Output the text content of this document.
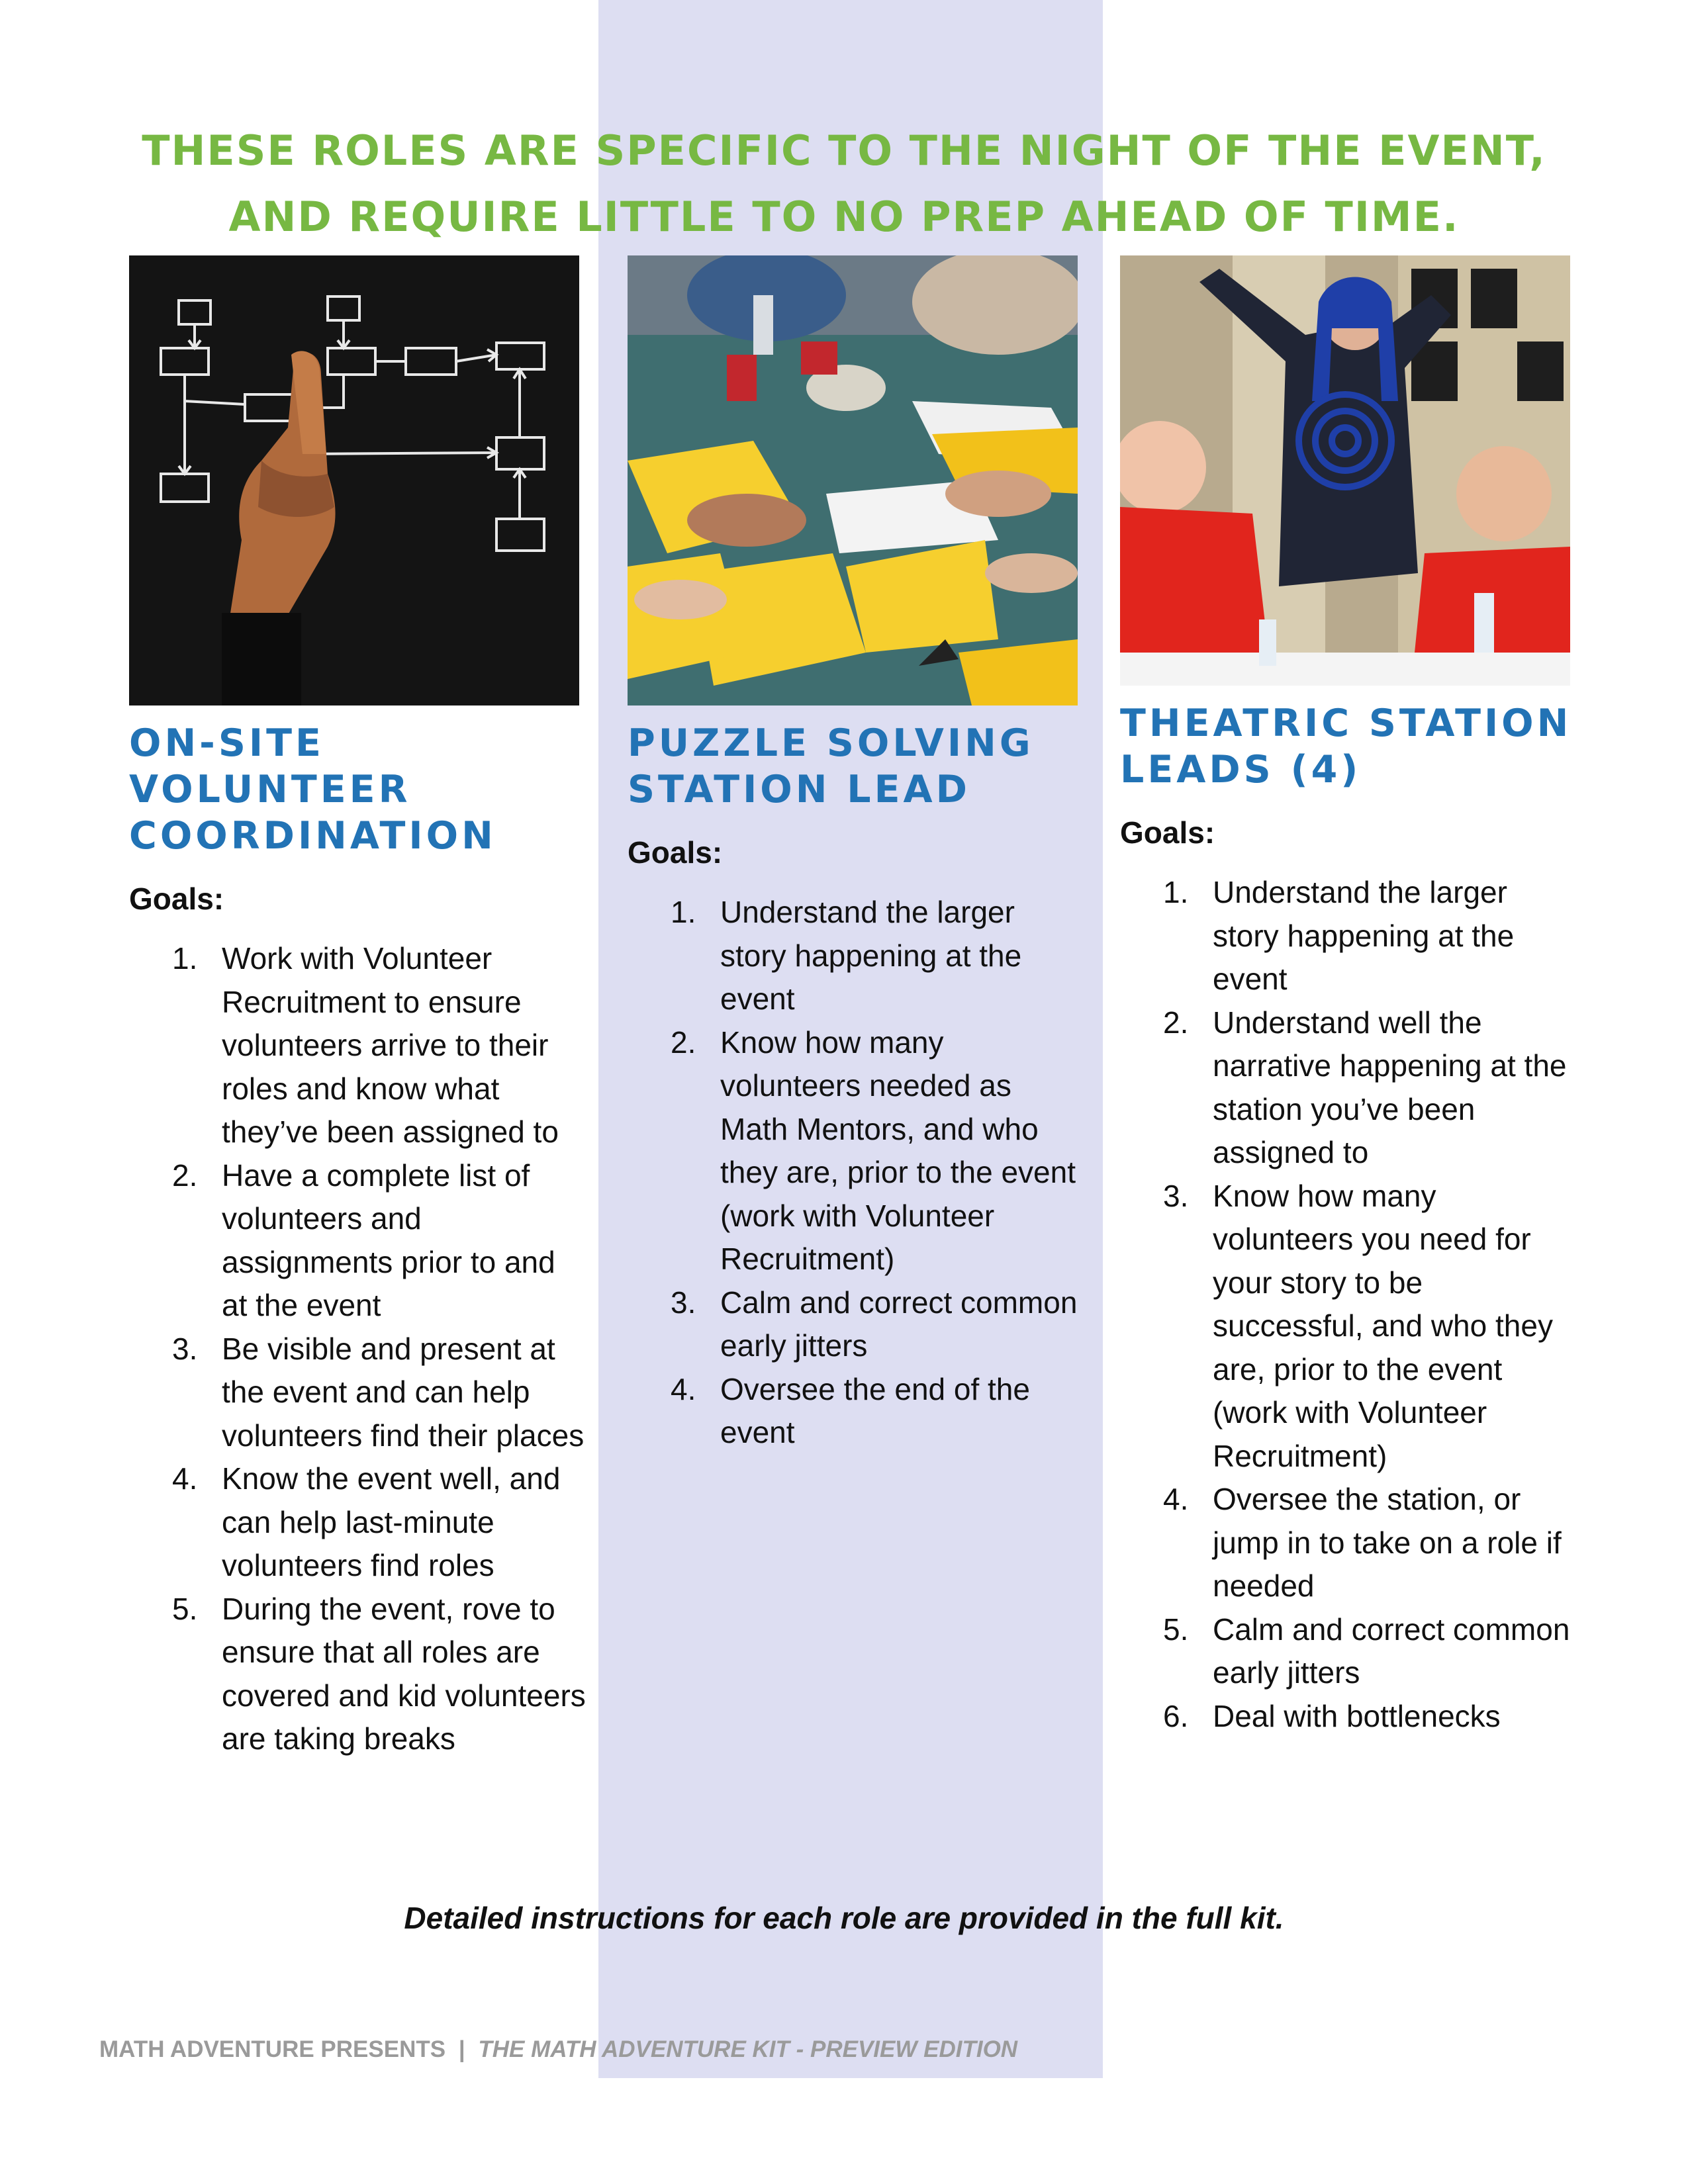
THESE ROLES ARE SPECIFIC TO THE NIGHT OF THE EVENT,
AND REQUIRE LITTLE TO NO PREP AHEAD OF TIME.
ON-SITE VOLUNTEER
COORDINATION
Goals:
1. Work with Volunteer Recruitment to ensure volunteers arrive to their roles and know what they’ve been assigned to
2. Have a complete list of volunteers and assignments prior to and at the event
3. Be visible and present at the event and can help volunteers find their places
4. Know the event well, and can help last-minute volunteers find roles
5. During the event, rove to ensure that all roles are covered and kid volunteers are taking breaks
PUZZLE SOLVING
STATION LEAD
Goals:
1. Understand the larger story happening at the event
2. Know how many volunteers needed as Math Mentors, and who they are, prior to the event (work with Volunteer Recruitment)
3. Calm and correct common early jitters
4. Oversee the end of the event
THEATRIC STATION
LEADS (4)
Goals:
1. Understand the larger story happening at the event
2. Understand well the narrative happening at the station you’ve been assigned to
3. Know how many volunteers you need for your story to be successful, and who they are, prior to the event (work with Volunteer Recruitment)
4. Oversee the station, or jump in to take on a role if needed
5. Calm and correct common early jitters
6. Deal with bottlenecks
Detailed instructions for each role are provided in the full kit.
MATH ADVENTURE PRESENTS | THE MATH ADVENTURE KIT - PREVIEW EDITION
